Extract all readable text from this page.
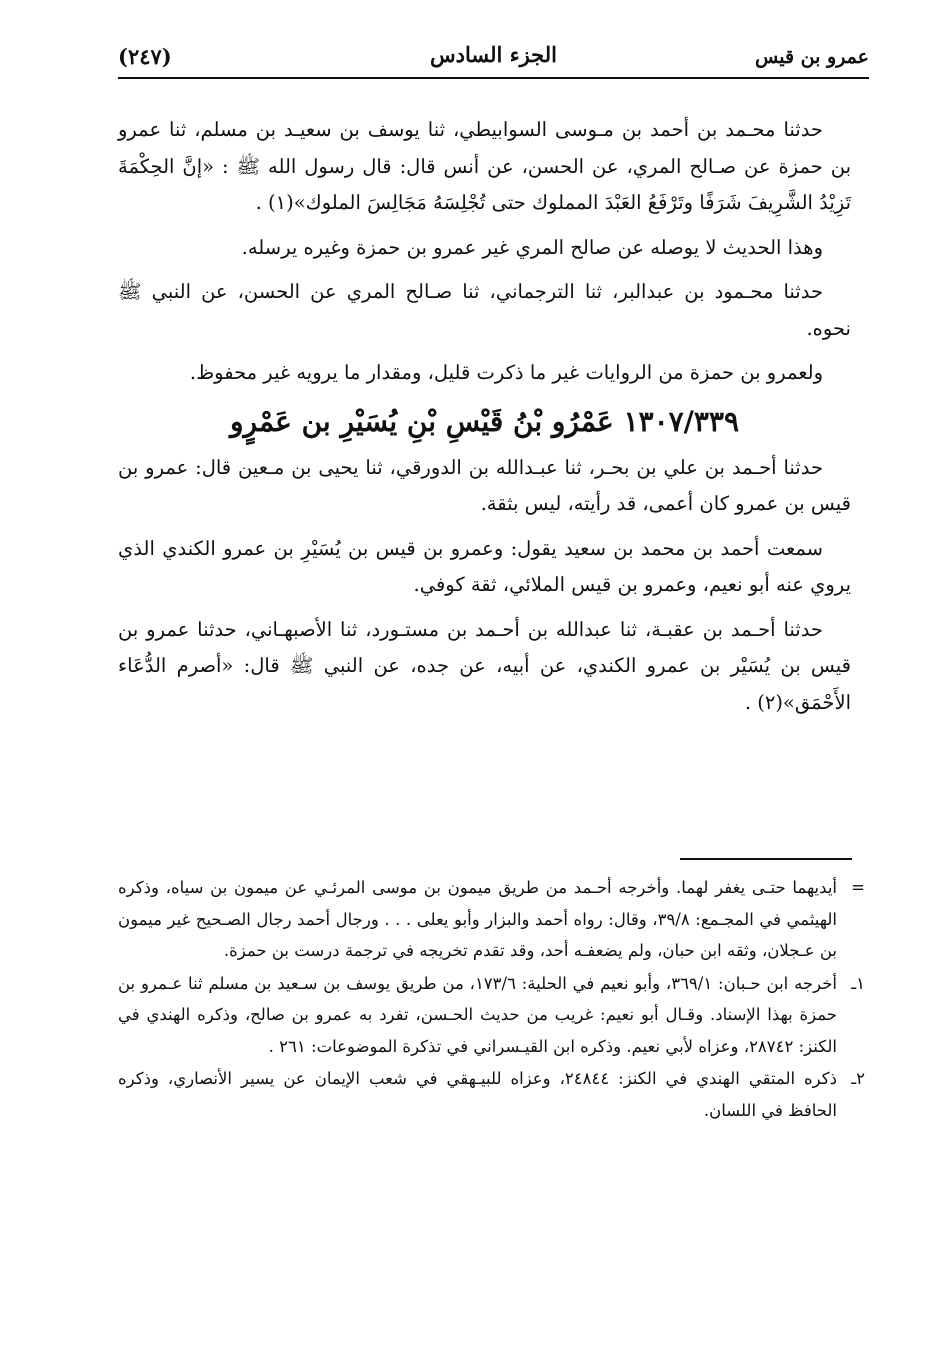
عمرو بن قيس
الجزء السادس
(٢٤٧)

حدثنا محـمد بن أحمد بن مـوسى السوابيطي، ثنا يوسف بن سعيـد بن مسلم، ثنا عمرو بن حمزة عن صـالح المري، عن الحسن، عن أنس قال: قال رسول الله ﷺ : «إنَّ الحِكْمَةَ تَزِيْدُ الشَّرِيفَ شَرَفًا وتَرْفَعُ العَبْدَ المملوك حتى تُجْلِسَهُ مَجَالِسَ الملوك»(١) .

وهذا الحديث لا يوصله عن صالح المري غير عمرو بن حمزة وغيره يرسله.

حدثنا محـمود بن عبدالبر، ثنا الترجماني، ثنا صـالح المري عن الحسن، عن النبي ﷺ نحوه.

ولعمرو بن حمزة من الروايات غير ما ذكرت قليل، ومقدار ما يرويه غير محفوظ.

١٣٠٧/٣٣٩ عَمْرُو بْنُ قَيْسِ بْنِ يُسَيْرِ بن عَمْرٍو

حدثنا أحـمد بن علي بن بحـر، ثنا عبـدالله بن الدورقي، ثنا يحيى بن مـعين قال: عمرو بن قيس بن عمرو كان أعمى، قد رأيته، ليس بثقة.

سمعت أحمد بن محمد بن سعيد يقول: وعمرو بن قيس بن يُسَيْرِ بن عمرو الكندي الذي يروي عنه أبو نعيم، وعمرو بن قيس الملائي، ثقة كوفي.

حدثنا أحـمد بن عقبـة، ثنا عبدالله بن أحـمد بن مستـورد، ثنا الأصبهـاني، حدثنا عمرو بن قيس بن يُسَيْر بن عمرو الكندي، عن أبيه، عن جده، عن النبي ﷺ قال: «أصرم الدُّعَاء الأَحْمَق»(٢) .

=
أيديهما حتـى يغفر لهما. وأخرجه أحـمد من طريق ميمون بن موسى المرئـي عن ميمون بن سياه، وذكره الهيثمي في المجـمع: ٣٩/٨، وقال: رواه أحمد والبزار وأبو يعلى . . . ورجال أحمد رجال الصـحيح غير ميمون بن عـجلان، وثقه ابن حبان، ولم يضعفـه أحد، وقد تقدم تخريجه في ترجمة درست بن حمزة.
١ـ
أخرجه ابن حـبان: ٣٦٩/١، وأبو نعيم في الحلية: ١٧٣/٦، من طريق يوسف بن سـعيد بن مسلم ثنا عـمرو بن حمزة بهذا الإسناد. وقـال أبو نعيم: غريب من حديث الحـسن، تفرد به عمرو بن صالح، وذكره الهندي في الكنز: ٢٨٧٤٢، وعزاه لأبي نعيم. وذكره ابن القيـسراني في تذكرة الموضوعات: ٢٦١ .
٢ـ
ذكره المتقي الهندي في الكنز: ٢٤٨٤٤، وعزاه للبيـهقي في شعب الإيمان عن يسير الأنصاري، وذكره الحافظ في اللسان.
